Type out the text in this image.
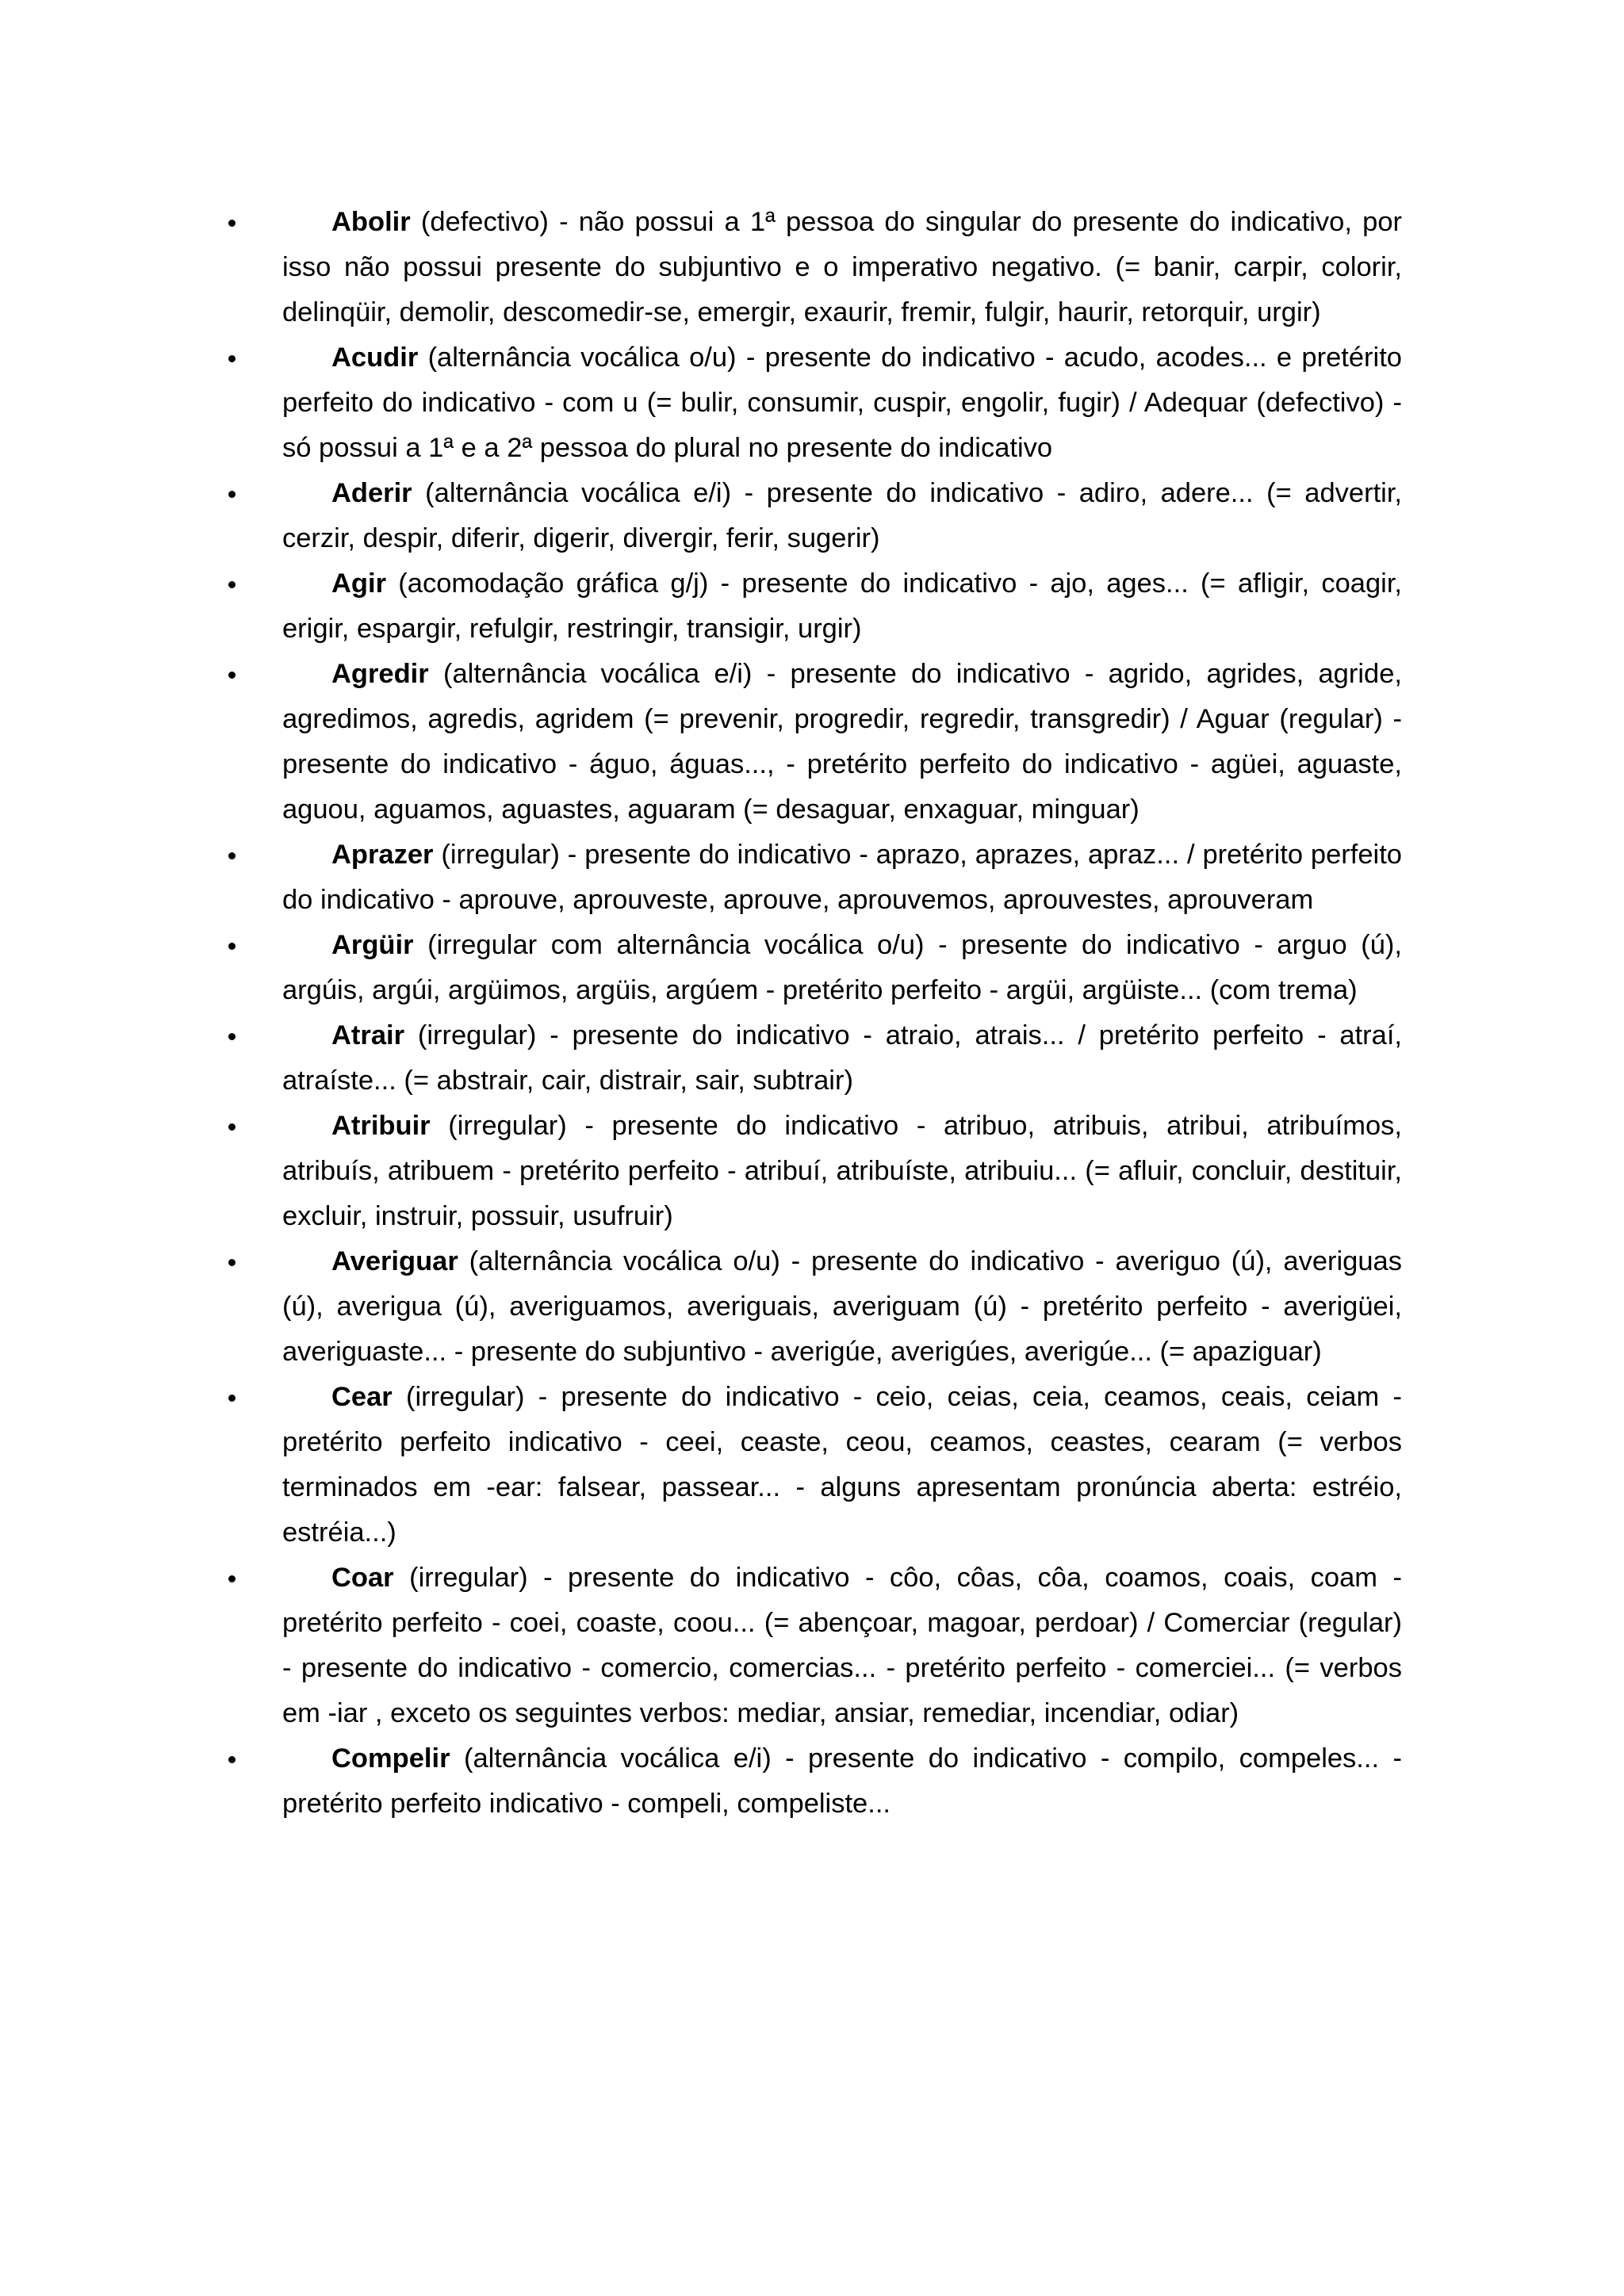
Abolir (defectivo) - não possui a 1ª pessoa do singular do presente do indicativo, por isso não possui presente do subjuntivo e o imperativo negativo. (= banir, carpir, colorir, delinqüir, demolir, descomedir-se, emergir, exaurir, fremir, fulgir, haurir, retorquir, urgir)
Acudir (alternância vocálica o/u) - presente do indicativo - acudo, acodes... e pretérito perfeito do indicativo - com u (= bulir, consumir, cuspir, engolir, fugir) / Adequar (defectivo) - só possui a 1ª e a 2ª pessoa do plural no presente do indicativo
Aderir (alternância vocálica e/i) - presente do indicativo - adiro, adere... (= advertir, cerzir, despir, diferir, digerir, divergir, ferir, sugerir)
Agir (acomodação gráfica g/j) - presente do indicativo - ajo, ages... (= afligir, coagir, erigir, espargir, refulgir, restringir, transigir, urgir)
Agredir (alternância vocálica e/i) - presente do indicativo - agrido, agrides, agride, agredimos, agredis, agridem (= prevenir, progredir, regredir, transgredir) / Aguar (regular) - presente do indicativo - águo, águas..., - pretérito perfeito do indicativo - agüei, aguaste, aguou, aguamos, aguastes, aguaram (= desaguar, enxaguar, minguar)
Aprazer (irregular) - presente do indicativo - aprazo, aprazes, apraz... / pretérito perfeito do indicativo - aprouve, aprouveste, aprouve, aprouvemos, aprouvestes, aprouveram
Argüir (irregular com alternância vocálica o/u) - presente do indicativo - arguo (ú), argúis, argúi, argüimos, argüis, argúem - pretérito perfeito - argüi, argüiste... (com trema)
Atrair (irregular) - presente do indicativo - atraio, atrais... / pretérito perfeito - atraí, atraíste... (= abstrair, cair, distrair, sair, subtrair)
Atribuir (irregular) - presente do indicativo - atribuo, atribuis, atribui, atribuímos, atribuís, atribuem - pretérito perfeito - atribuí, atribuíste, atribuiu... (= afluir, concluir, destituir, excluir, instruir, possuir, usufruir)
Averiguar (alternância vocálica o/u) - presente do indicativo - averiguo (ú), averiguas (ú), averigua (ú), averiguamos, averiguais, averiguam (ú) - pretérito perfeito - averigüei, averiguaste... - presente do subjuntivo - averigúe, averigúes, averigúe... (= apaziguar)
Cear (irregular) - presente do indicativo - ceio, ceias, ceia, ceamos, ceais, ceiam - pretérito perfeito indicativo - ceei, ceaste, ceou, ceamos, ceastes, cearam (= verbos terminados em -ear: falsear, passear... - alguns apresentam pronúncia aberta: estréio, estréia...)
Coar (irregular) - presente do indicativo - côo, côas, côa, coamos, coais, coam - pretérito perfeito - coei, coaste, coou... (= abençoar, magoar, perdoar) / Comerciar (regular) - presente do indicativo - comercio, comercias... - pretérito perfeito - comerciei... (= verbos em -iar , exceto os seguintes verbos: mediar, ansiar, remediar, incendiar, odiar)
Compelir (alternância vocálica e/i) - presente do indicativo - compilo, compeles... - pretérito perfeito indicativo - compeli, compeliste...
